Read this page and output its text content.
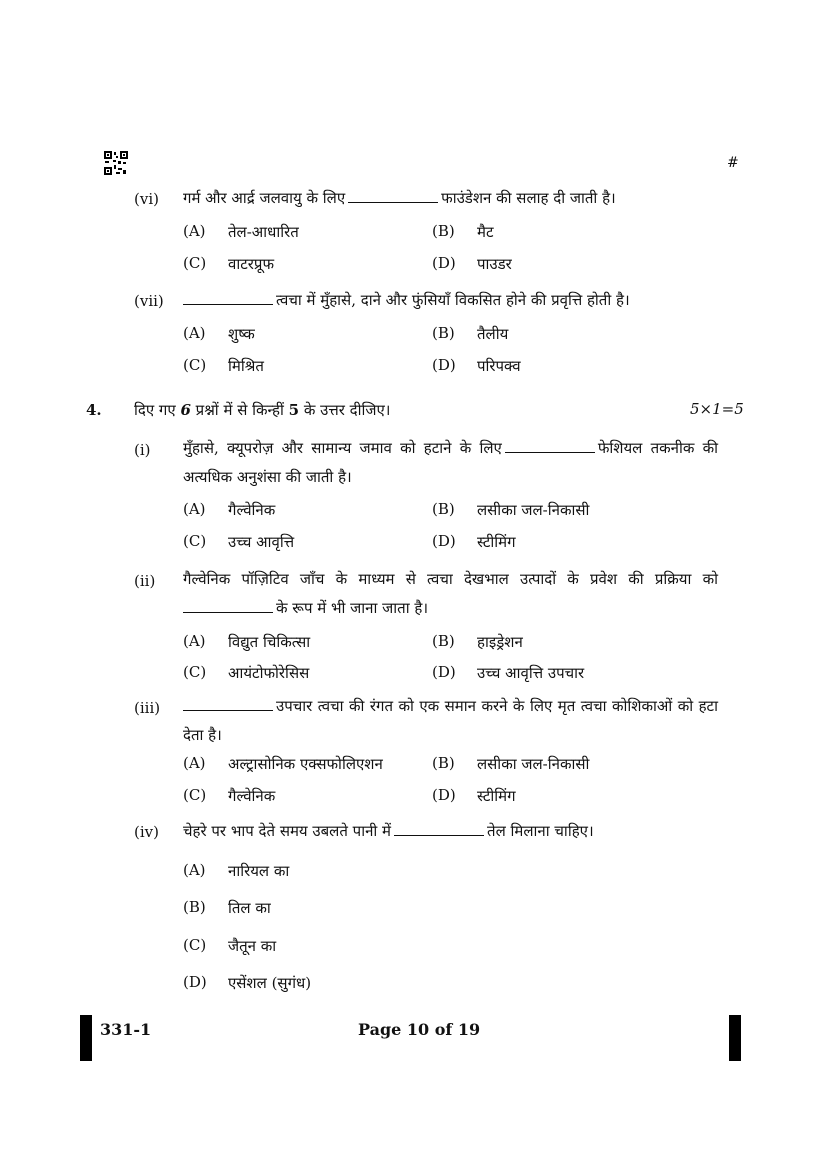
#
(vi) गर्म और आर्द्र जलवायु के लिए	फाउंडेशन की सलाह दी जाती है।
(A) तेल-आधारित	(B) मैट
(C) वाटरप्रूफ	(D) पाउडर
(vii)	त्वचा में मुँहासे, दाने और फुंसियाँ विकसित होने की प्रवृत्ति होती है।
(A) शुष्क	(B) तैलीय
(C) मिश्रित	(D) परिपक्व
4. दिए गए 6 प्रश्नों में से किन्हीं 5 के उत्तर दीजिए।	5×1=5
(i) मुँहासे, क्यूपरोज़ और सामान्य जमाव को हटाने के लिए	फेशियल तकनीक की अत्यधिक अनुशंसा की जाती है।
(A) गैल्वेनिक	(B) लसीका जल-निकासी
(C) उच्च आवृत्ति	(D) स्टीमिंग
(ii) गैल्वेनिक पॉज़िटिव जाँच के माध्यम से त्वचा देखभाल उत्पादों के प्रवेश की प्रक्रिया को के रूप में भी जाना जाता है।
(A) विद्युत चिकित्सा	(B) हाइड्रेशन
(C) आयंटोफोरेसिस	(D) उच्च आवृत्ति उपचार
(iii)	उपचार त्वचा की रंगत को एक समान करने के लिए मृत त्वचा कोशिकाओं को हटा देता है।
(A) अल्ट्रासोनिक एक्सफोलिएशन	(B) लसीका जल-निकासी
(C) गैल्वेनिक	(D) स्टीमिंग
(iv) चेहरे पर भाप देते समय उबलते पानी में	तेल मिलाना चाहिए।
(A) नारियल का
(B) तिल का
(C) जैतून का
(D) एसेंशल (सुगंध)
331-1	Page 10 of 19
